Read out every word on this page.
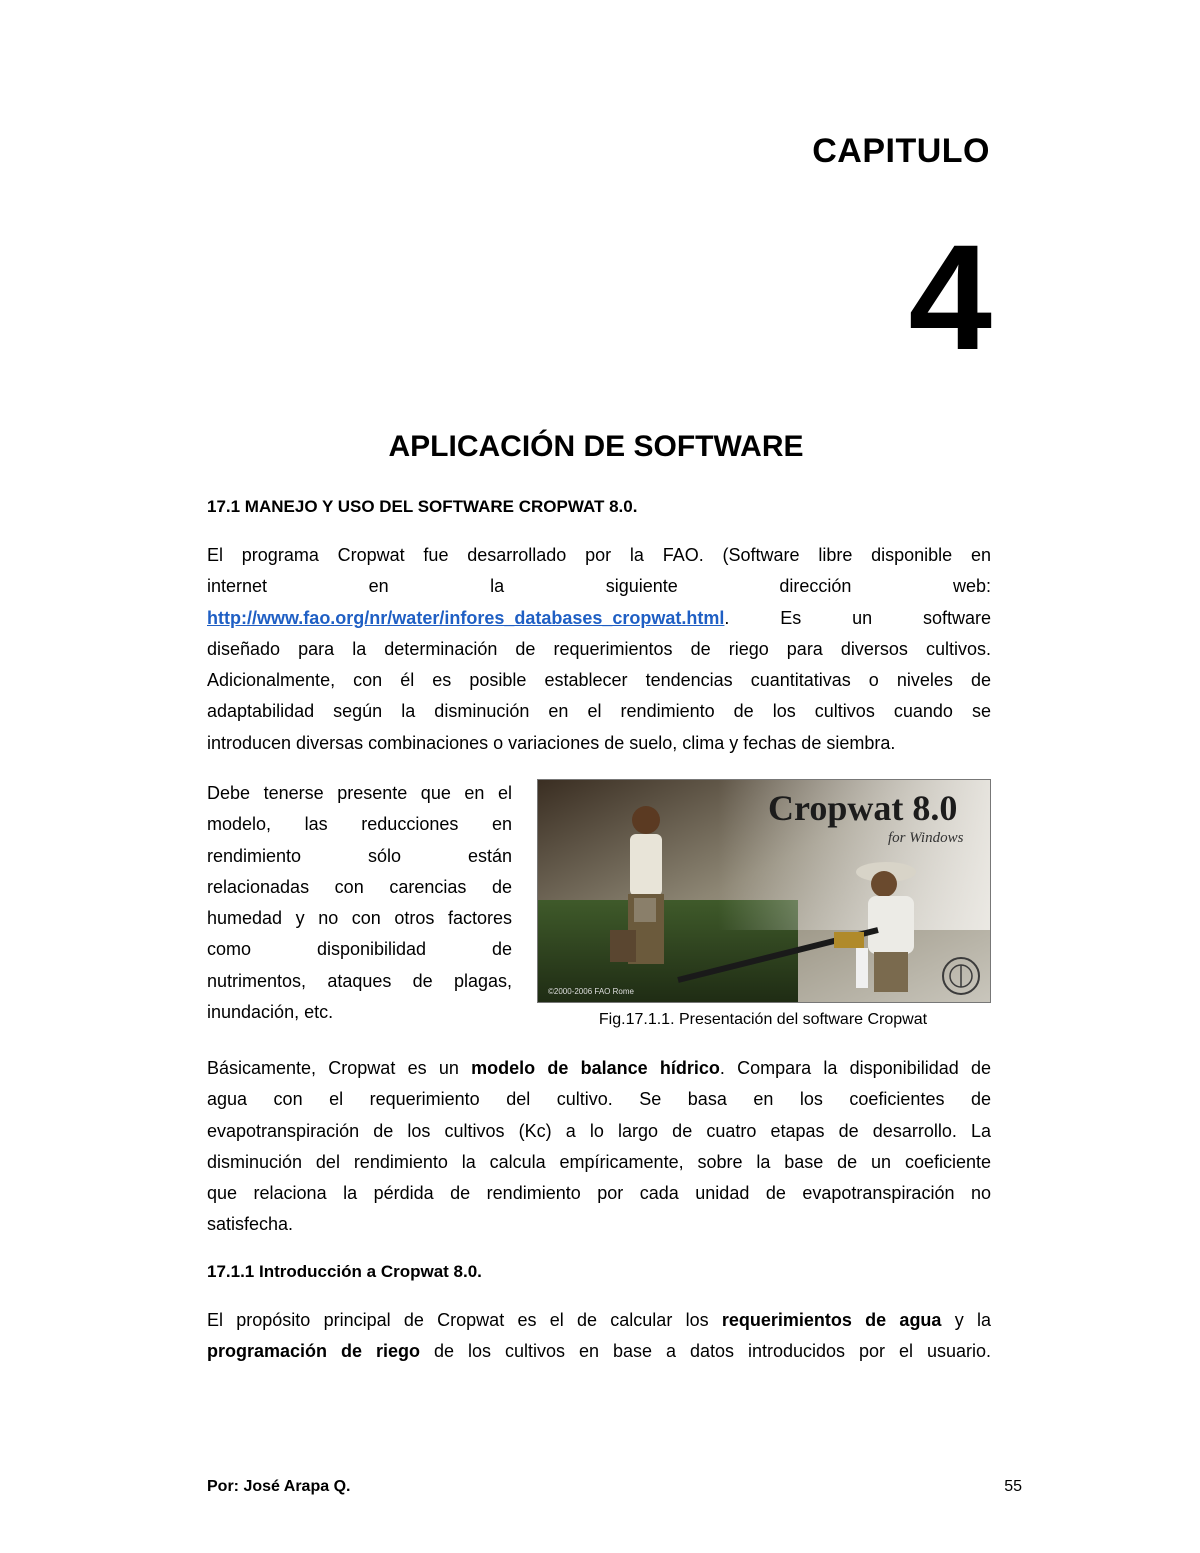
CAPITULO
4
APLICACIÓN DE SOFTWARE
17.1 MANEJO Y USO DEL SOFTWARE CROPWAT 8.0.
El programa Cropwat fue desarrollado por la FAO. (Software libre disponible en
internet en la siguiente dirección web:
http://www.fao.org/nr/water/infores_databases_cropwat.html. Es un software
diseñado para la determinación de requerimientos de riego para diversos cultivos.
Adicionalmente, con él es posible establecer tendencias cuantitativas o niveles de
adaptabilidad según la disminución en el rendimiento de los cultivos cuando se
introducen diversas combinaciones o variaciones de suelo, clima y fechas de siembra.
Debe tenerse presente que en el
modelo, las reducciones en
rendimiento sólo están
relacionadas con carencias de
humedad y no con otros factores
como disponibilidad de
nutrimentos, ataques de plagas,
inundación, etc.
Cropwat 8.0
for Windows
©2000-2006 FAO Rome
Fig.17.1.1. Presentación del software Cropwat
Básicamente, Cropwat es un modelo de balance hídrico. Compara la disponibilidad de
agua con el requerimiento del cultivo. Se basa en los coeficientes de
evapotranspiración de los cultivos (Kc) a lo largo de cuatro etapas de desarrollo. La
disminución del rendimiento la calcula empíricamente, sobre la base de un coeficiente
que relaciona la pérdida de rendimiento por cada unidad de evapotranspiración no
satisfecha.
17.1.1 Introducción a Cropwat 8.0.
El propósito principal de Cropwat es el de calcular los requerimientos de agua y la
programación de riego de los cultivos en base a datos introducidos por el usuario.
Por: José Arapa Q.	55
